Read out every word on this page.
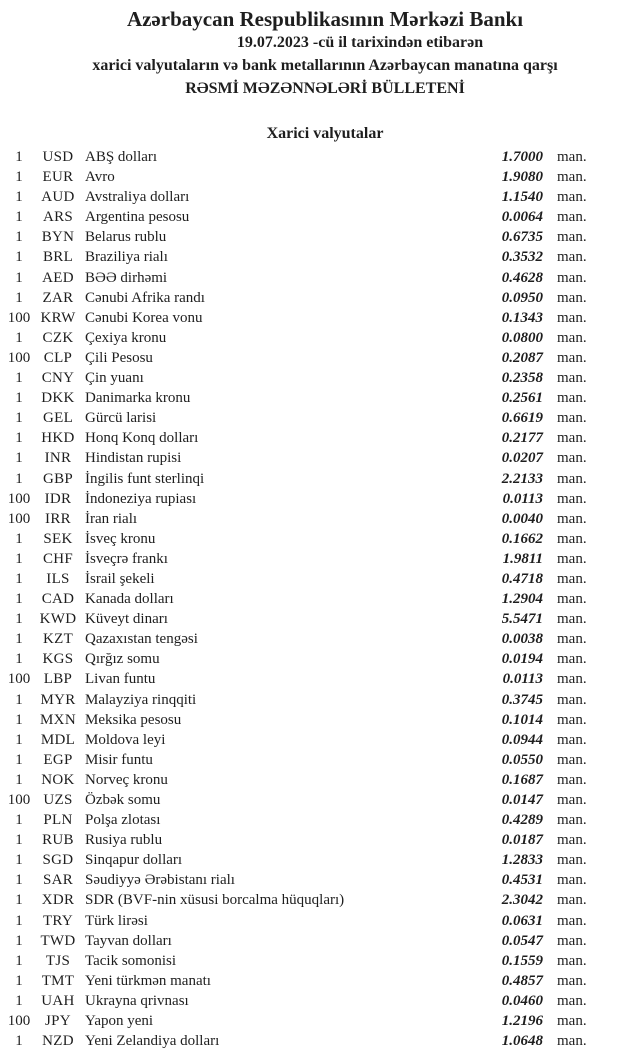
Azərbaycan Respublikasının Mərkəzi Bankı
19.07.2023 -cü il tarixindən etibarən
xarici valyutaların və bank metallarının Azərbaycan manatına qarşı
RƏSMİ MƏZƏNNƏLƏRİ BÜLLETENİ
Xarici valyutalar
1	USD ABŞ dolları	1.7000 man.
1	EUR Avro	1.9080 man.
1	AUD Avstraliya dolları	1.1540 man.
1	ARS Argentina pesosu	0.0064 man.
1	BYN Belarus rublu	0.6735 man.
1	BRL Braziliya rialı	0.3532 man.
1	AED BƏƏ dirhəmi	0.4628 man.
1	ZAR Cənubi Afrika randı	0.0950 man.
100 KRW Cənubi Korea vonu	0.1343 man.
1	CZK Çexiya kronu	0.0800 man.
100 CLP Çili Pesosu	0.2087 man.
1	CNY Çin yuanı	0.2358 man.
1	DKK Danimarka kronu	0.2561 man.
1	GEL Gürcü larisi	0.6619 man.
1	HKD Honq Konq dolları	0.2177 man.
1	INR Hindistan rupisi	0.0207 man.
1	GBP İngilis funt sterlinqi	2.2133 man.
100 IDR İndoneziya rupiası	0.0113 man.
100 IRR İran rialı	0.0040 man.
1	SEK İsveç kronu	0.1662 man.
1	CHF İsveçrə frankı	1.9811 man.
1	ILS	İsrail şekeli	0.4718 man.
1	CAD Kanada dolları	1.2904 man.
1	KWD Küveyt dinarı	5.5471 man.
1	KZT Qazaxıstan tengəsi	0.0038 man.
1	KGS Qırğız somu	0.0194 man.
100 LBP Livan funtu	0.0113 man.
1	MYR Malayziya rinqqiti	0.3745 man.
1	MXN Meksika pesosu	0.1014 man.
1	MDL Moldova leyi	0.0944 man.
1	EGP Misir funtu	0.0550 man.
1	NOK Norveç kronu	0.1687 man.
100 UZS Özbək somu	0.0147 man.
1	PLN Polşa zlotası	0.4289 man.
1	RUB Rusiya rublu	0.0187 man.
1	SGD Sinqapur dolları	1.2833 man.
1	SAR Səudiyyə Ərəbistanı rialı	0.4531 man.
1	XDR SDR (BVF-nin xüsusi borcalma hüquqları)	2.3042 man.
1	TRY Türk lirəsi	0.0631 man.
1	TWD Tayvan dolları	0.0547 man.
1	TJS Tacik somonisi	0.1559 man.
1	TMT Yeni türkmən manatı	0.4857 man.
1	UAH Ukrayna qrivnası	0.0460 man.
100 JPY Yapon yeni	1.2196 man.
1	NZD Yeni Zelandiya dolları	1.0648 man.
